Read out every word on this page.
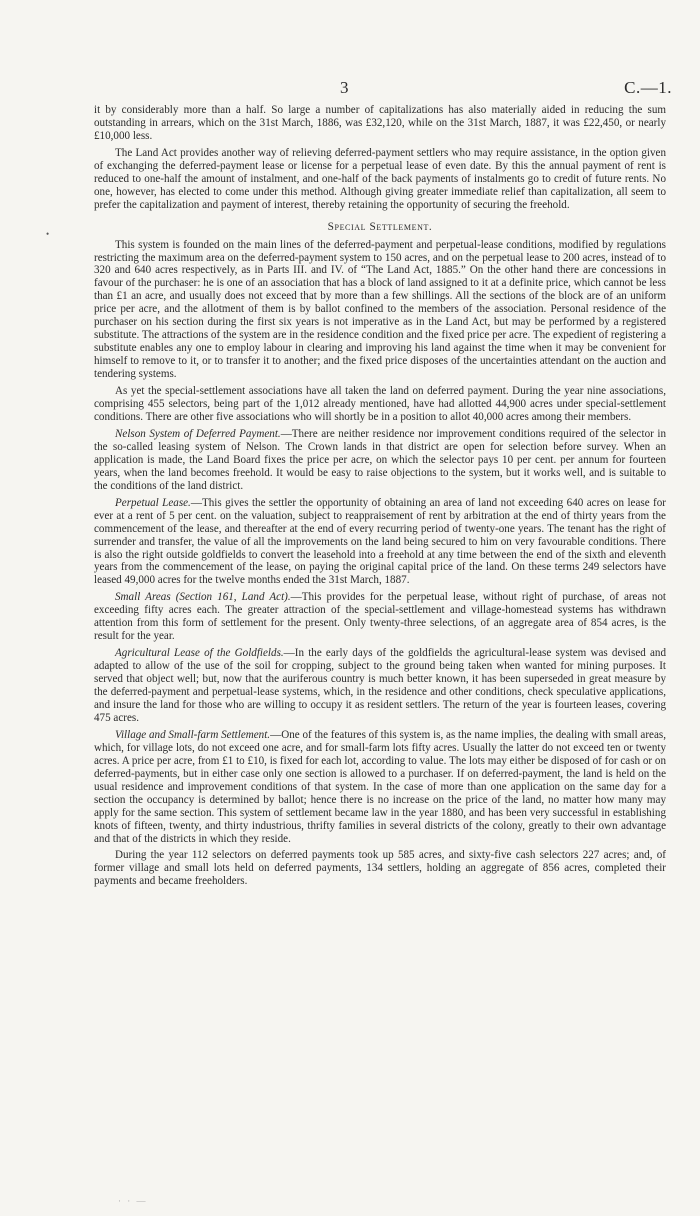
3	C.—1.
•

it by considerably more than a half. So large a number of capitalizations has also materially aided in reducing the sum outstanding in arrears, which on the 31st March, 1886, was £32,120, while on the 31st March, 1887, it was £22,450, or nearly £10,000 less.

The Land Act provides another way of relieving deferred-payment settlers who may require assistance, in the option given of exchanging the deferred-payment lease or license for a perpetual lease of even date. By this the annual payment of rent is reduced to one-half the amount of instalment, and one-half of the back payments of instalments go to credit of future rents. No one, however, has elected to come under this method. Although giving greater immediate relief than capitalization, all seem to prefer the capitalization and payment of interest, thereby retaining the opportunity of securing the freehold.

Special Settlement.

This system is founded on the main lines of the deferred-payment and perpetual-lease conditions, modified by regulations restricting the maximum area on the deferred-payment system to 150 acres, and on the perpetual lease to 200 acres, instead of to 320 and 640 acres respectively, as in Parts III. and IV. of “The Land Act, 1885.” On the other hand there are concessions in favour of the purchaser: he is one of an association that has a block of land assigned to it at a definite price, which cannot be less than £1 an acre, and usually does not exceed that by more than a few shillings. All the sections of the block are of an uniform price per acre, and the allotment of them is by ballot confined to the members of the association. Personal residence of the purchaser on his section during the first six years is not imperative as in the Land Act, but may be performed by a registered substitute. The attractions of the system are in the residence condition and the fixed price per acre. The expedient of registering a substitute enables any one to employ labour in clearing and improving his land against the time when it may be convenient for himself to remove to it, or to transfer it to another; and the fixed price disposes of the uncertainties attendant on the auction and tendering systems.

As yet the special-settlement associations have all taken the land on deferred payment. During the year nine associations, comprising 455 selectors, being part of the 1,012 already mentioned, have had allotted 44,900 acres under special-settlement conditions. There are other five associations who will shortly be in a position to allot 40,000 acres among their members.

Nelson System of Deferred Payment.—There are neither residence nor improvement conditions required of the selector in the so-called leasing system of Nelson. The Crown lands in that district are open for selection before survey. When an application is made, the Land Board fixes the price per acre, on which the selector pays 10 per cent. per annum for fourteen years, when the land becomes freehold. It would be easy to raise objections to the system, but it works well, and is suitable to the conditions of the land district.

Perpetual Lease.—This gives the settler the opportunity of obtaining an area of land not exceeding 640 acres on lease for ever at a rent of 5 per cent. on the valuation, subject to reappraisement of rent by arbitration at the end of thirty years from the commencement of the lease, and thereafter at the end of every recurring period of twenty-one years. The tenant has the right of surrender and transfer, the value of all the improvements on the land being secured to him on very favourable conditions. There is also the right outside goldfields to convert the leasehold into a freehold at any time between the end of the sixth and eleventh years from the commencement of the lease, on paying the original capital price of the land. On these terms 249 selectors have leased 49,000 acres for the twelve months ended the 31st March, 1887.

Small Areas (Section 161, Land Act).—This provides for the perpetual lease, without right of purchase, of areas not exceeding fifty acres each. The greater attraction of the special-settlement and village-homestead systems has withdrawn attention from this form of settlement for the present. Only twenty-three selections, of an aggregate area of 854 acres, is the result for the year.

Agricultural Lease of the Goldfields.—In the early days of the goldfields the agricultural-lease system was devised and adapted to allow of the use of the soil for cropping, subject to the ground being taken when wanted for mining purposes. It served that object well; but, now that the auriferous country is much better known, it has been superseded in great measure by the deferred-payment and perpetual-lease systems, which, in the residence and other conditions, check speculative applications, and insure the land for those who are willing to occupy it as resident settlers. The return of the year is fourteen leases, covering 475 acres.

Village and Small-farm Settlement.—One of the features of this system is, as the name implies, the dealing with small areas, which, for village lots, do not exceed one acre, and for small-farm lots fifty acres. Usually the latter do not exceed ten or twenty acres. A price per acre, from £1 to £10, is fixed for each lot, according to value. The lots may either be disposed of for cash or on deferred-payments, but in either case only one section is allowed to a purchaser. If on deferred-payment, the land is held on the usual residence and improvement conditions of that system. In the case of more than one application on the same day for a section the occupancy is determined by ballot; hence there is no increase on the price of the land, no matter how many may apply for the same section. This system of settlement became law in the year 1880, and has been very successful in establishing knots of fifteen, twenty, and thirty industrious, thrifty families in several districts of the colony, greatly to their own advantage and that of the districts in which they reside.

During the year 112 selectors on deferred payments took up 585 acres, and sixty-five cash selectors 227 acres; and, of former village and small lots held on deferred payments, 134 settlers, holding an aggregate of 856 acres, completed their payments and became freeholders.

· · —
